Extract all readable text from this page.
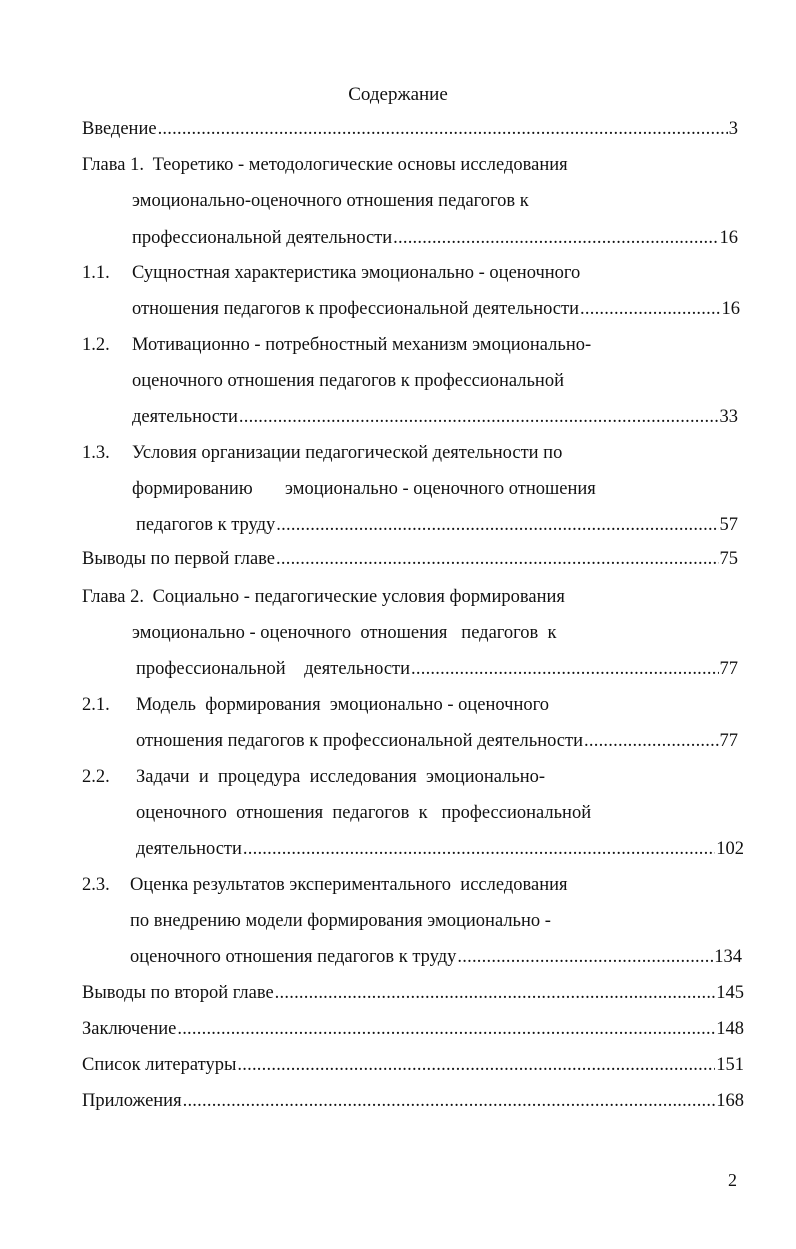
Содержание
Введение . . .	3
Глава 1. Теоретико - методологические основы исследования
эмоционально-оценочного отношения педагогов к
профессиональной деятельности . . .	16
1.1. Сущностная характеристика эмоционально - оценочного
отношения педагогов к профессиональной деятельности . . .	16
1.2. Мотивационно - потребностный механизм эмоционально-
оценочного отношения педагогов к профессиональной
деятельности . . .	33
1.3. Условия организации педагогической деятельности по
формированию       эмоционально - оценочного отношения
педагогов к труду . . .	57
Выводы по первой главе . . .	75
Глава 2. Социально - педагогические условия формирования
эмоционально - оценочного  отношения   педагогов  к
профессиональной    деятельности . . .	77
2.1. Модель  формирования  эмоционально - оценочного
отношения педагогов к профессиональной деятельности . . .	77
2.2. Задачи  и  процедура  исследования  эмоционально-
оценочного  отношения  педагогов  к   профессиональной
деятельности . . .	102
2.3. Оценка результатов экспериментального  исследования
по внедрению модели формирования эмоционально -
оценочного отношения педагогов к труду . . .	134
Выводы по второй главе . . .	145
Заключение . . .	148
Список литературы . . .	151
Приложения . . .	168
2
